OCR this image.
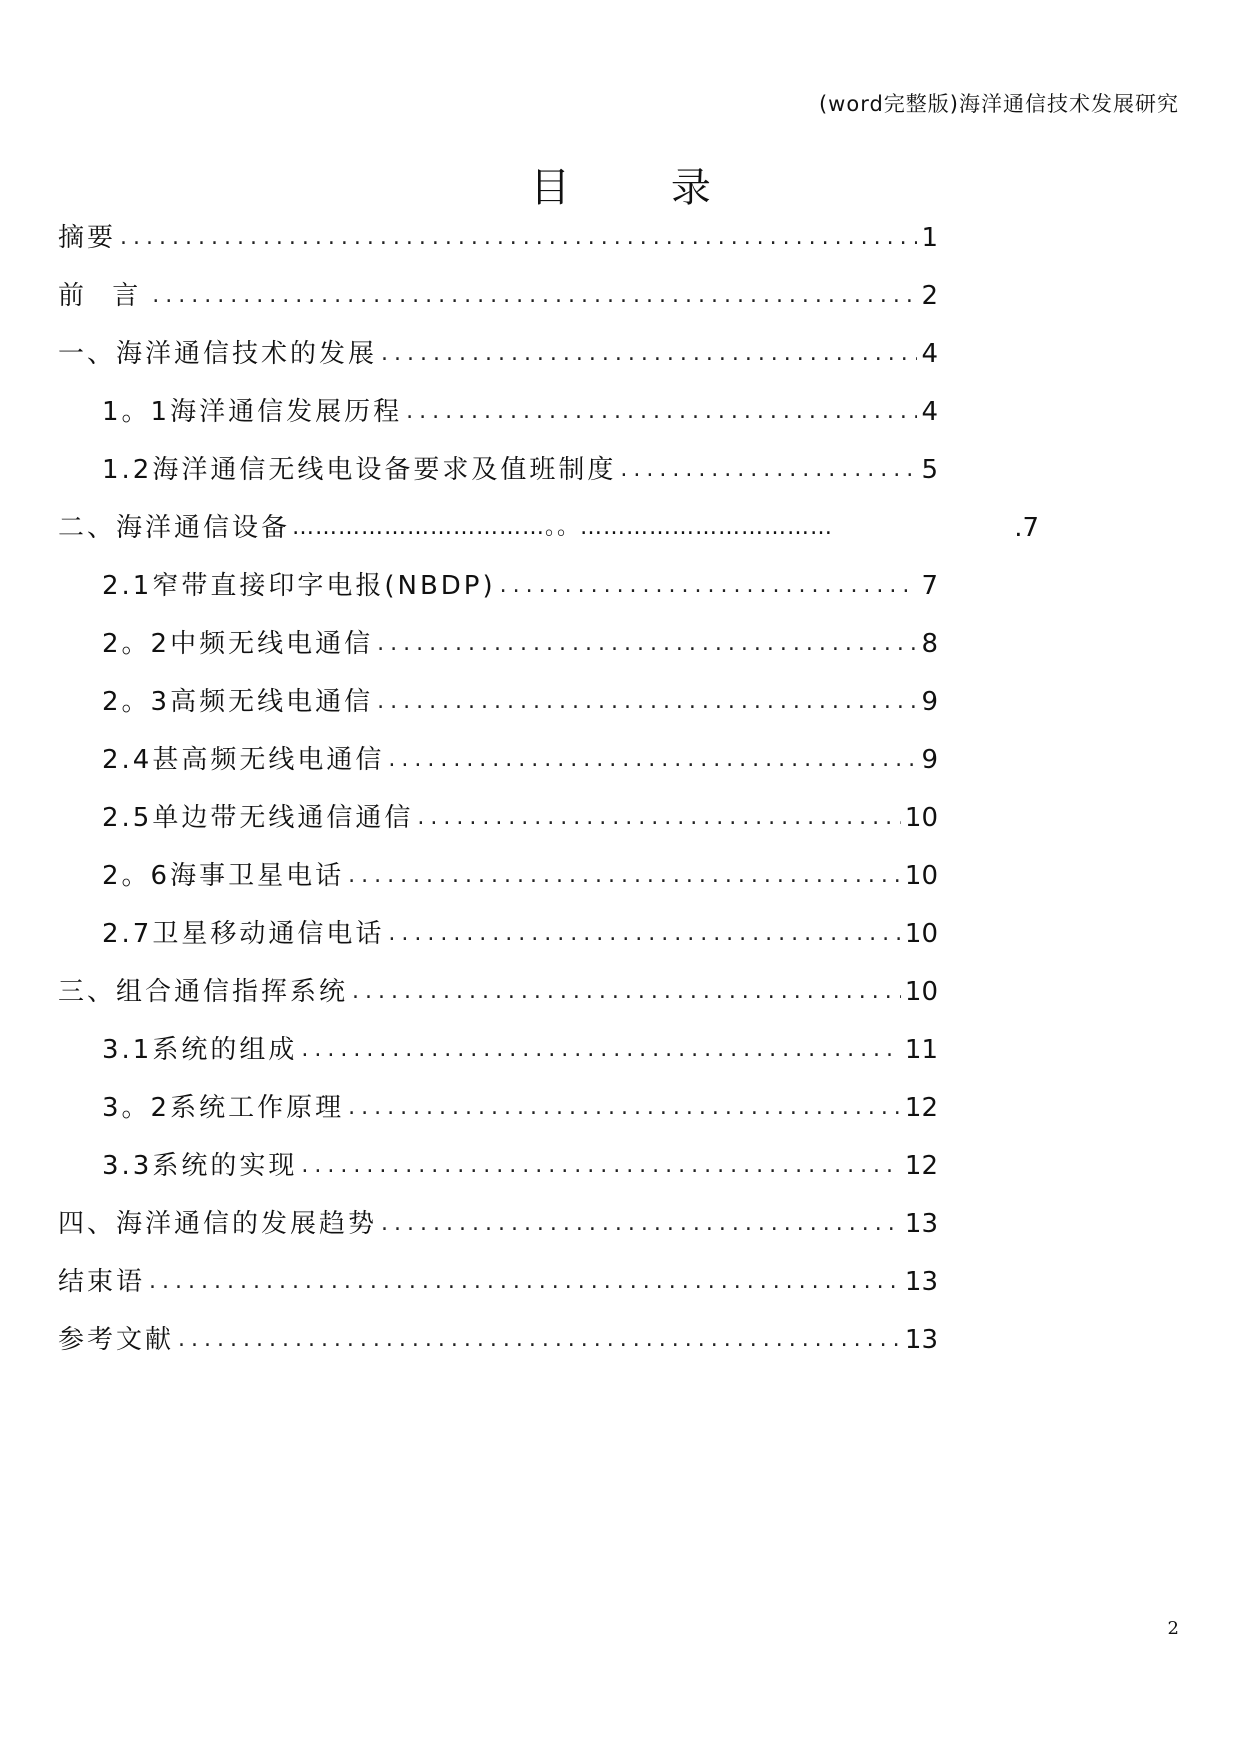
(word完整版)海洋通信技术发展研究
目 录
摘要 .....	1
前 言 .....	2
一、海洋通信技术的发展 .....	4
1。1海洋通信发展历程 .....	4
1.2海洋通信无线电设备要求及值班制度 .....	5
二、海洋通信设备 ……………………………。。……………………………	.7
2.1窄带直接印字电报(NBDP) .....	7
2。2中频无线电通信 .....	8
2。3高频无线电通信 .....	9
2.4甚高频无线电通信 .....	9
2.5单边带无线通信通信 .....	10
2。6海事卫星电话 .....	10
2.7卫星移动通信电话 .....	10
三、组合通信指挥系统 .....	10
3.1系统的组成 .....	11
3。2系统工作原理 .....	12
3.3系统的实现 .....	12
四、海洋通信的发展趋势 .....	13
结束语 .....	13
参考文献 .....	13
2
